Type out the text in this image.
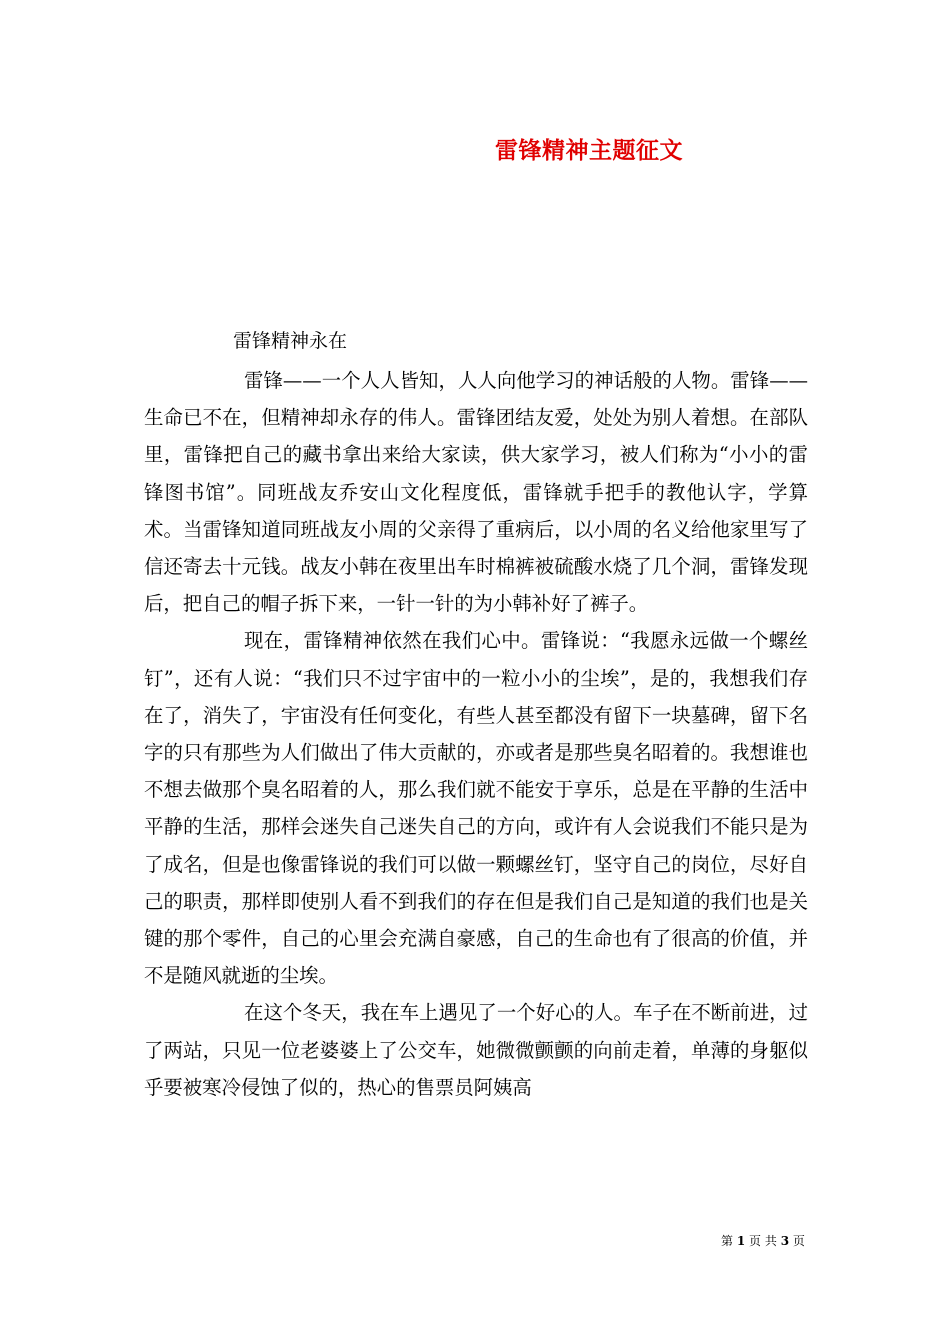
雷锋精神主题征文
雷锋精神永在

雷锋——一个人人皆知，人人向他学习的神话般的人物。雷锋——生命已不在，但精神却永存的伟人。雷锋团结友爱，处处为别人着想。在部队里，雷锋把自己的藏书拿出来给大家读，供大家学习，被人们称为“小小的雷锋图书馆”。同班战友乔安山文化程度低，雷锋就手把手的教他认字，学算术。当雷锋知道同班战友小周的父亲得了重病后，以小周的名义给他家里写了信还寄去十元钱。战友小韩在夜里出车时棉裤被硫酸水烧了几个洞，雷锋发现后，把自己的帽子拆下来，一针一针的为小韩补好了裤子。

现在，雷锋精神依然在我们心中。雷锋说：“我愿永远做一个螺丝钉”，还有人说：“我们只不过宇宙中的一粒小小的尘埃”，是的，我想我们存在了，消失了，宇宙没有任何变化，有些人甚至都没有留下一块墓碑，留下名字的只有那些为人们做出了伟大贡献的，亦或者是那些臭名昭着的。我想谁也不想去做那个臭名昭着的人，那么我们就不能安于享乐，总是在平静的生活中平静的生活，那样会迷失自己迷失自己的方向，或许有人会说我们不能只是为了成名，但是也像雷锋说的我们可以做一颗螺丝钉，坚守自己的岗位，尽好自己的职责，那样即使别人看不到我们的存在但是我们自己是知道的我们也是关键的那个零件，自己的心里会充满自豪感，自己的生命也有了很高的价值，并不是随风就逝的尘埃。

在这个冬天，我在车上遇见了一个好心的人。车子在不断前进，过了两站，只见一位老婆婆上了公交车，她微微颤颤的向前走着，单薄的身躯似乎要被寒冷侵蚀了似的，热心的售票员阿姨高

第 1 页 共 3 页
